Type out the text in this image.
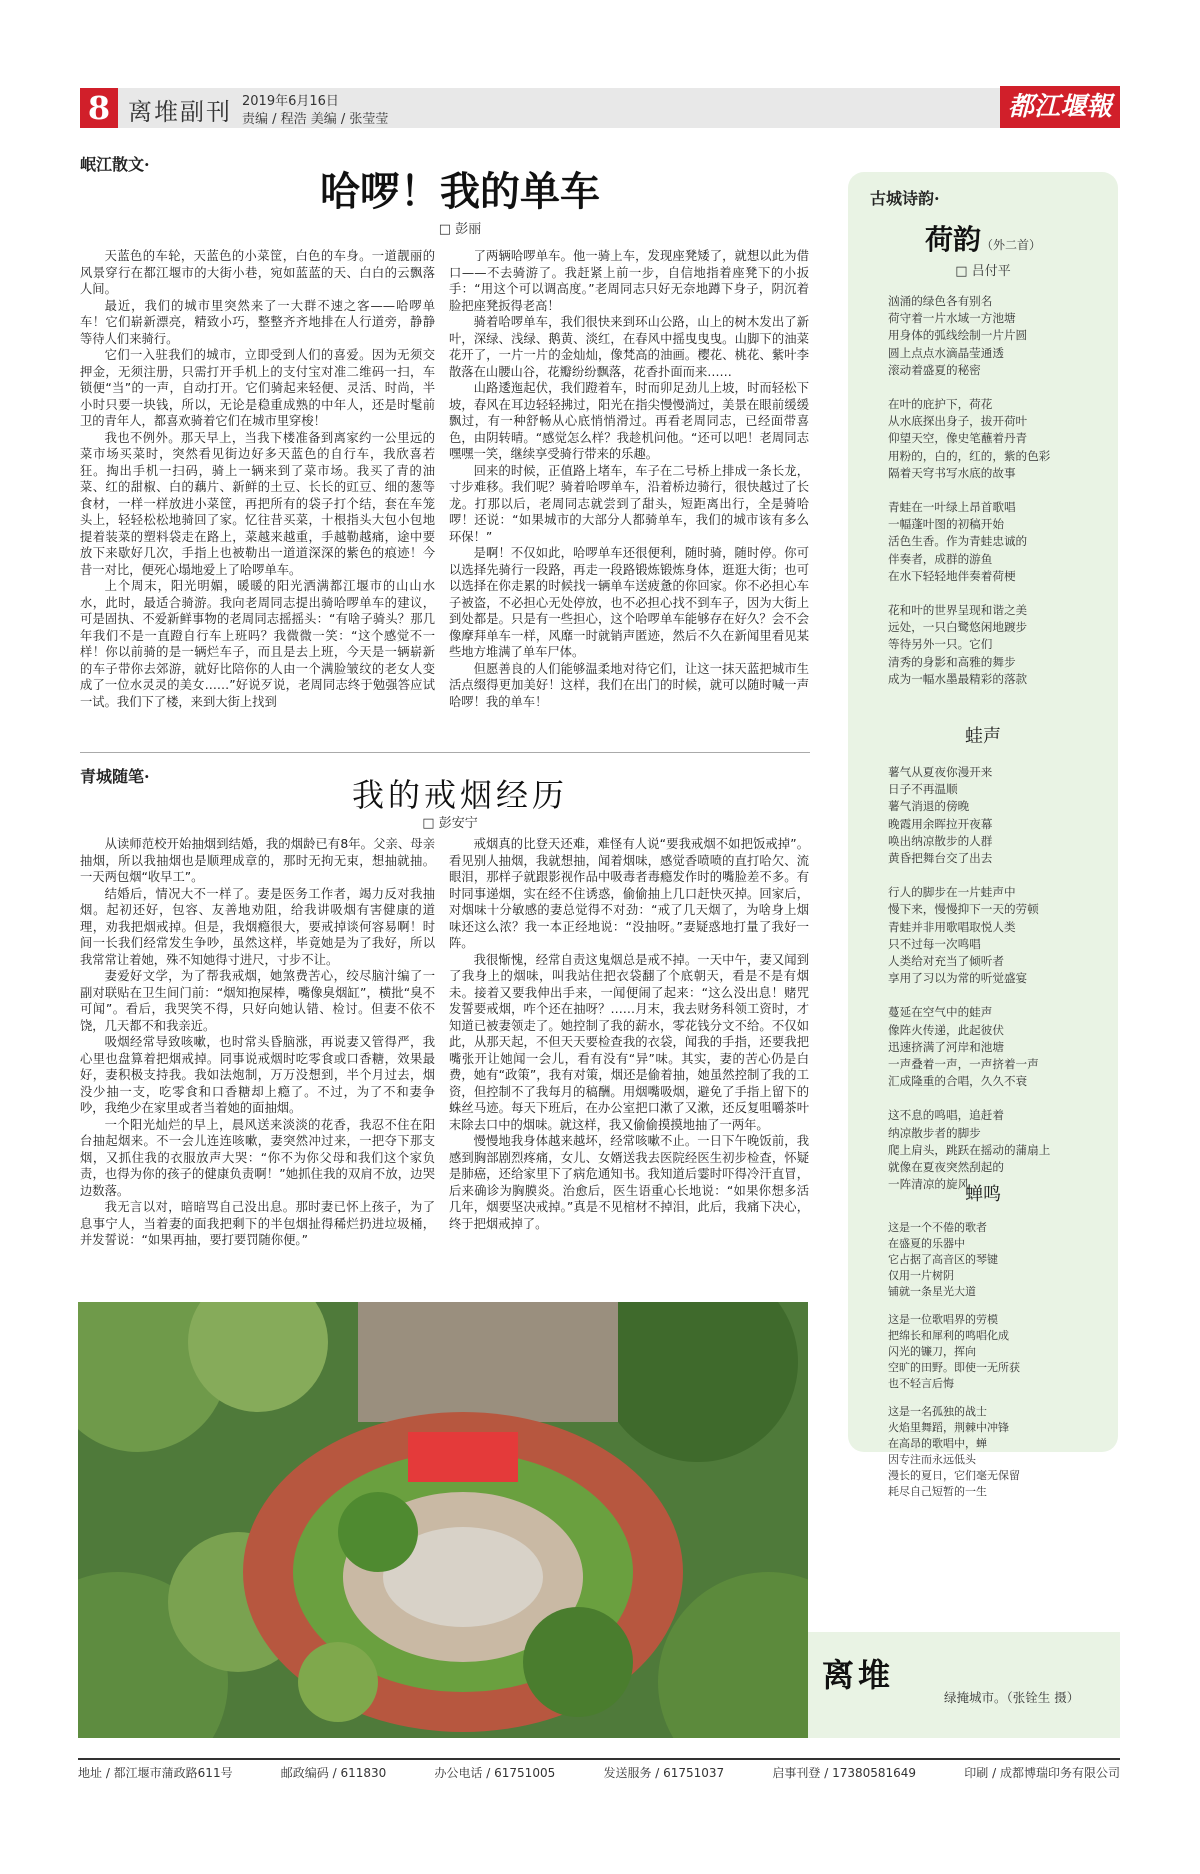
8 离堆副刊 2019年6月16日
责编 / 程浩 美编 / 张莹莹	都江堰報
岷江散文·
哈啰！我的单车
□ 彭丽

天蓝色的车轮，天蓝色的小菜筐，白色的车身。一道靓丽的风景穿行在都江堰市的大街小巷，宛如蓝蓝的天、白白的云飘落人间。

最近，我们的城市里突然来了一大群不速之客——哈啰单车！它们崭新漂亮，精致小巧，整整齐齐地排在人行道旁，静静等待人们来骑行。

它们一入驻我们的城市，立即受到人们的喜爱。因为无须交押金，无须注册，只需打开手机上的支付宝对准二维码一扫，车锁便“当”的一声，自动打开。它们骑起来轻便、灵活、时尚，半小时只要一块钱，所以，无论是稳重成熟的中年人，还是时髦前卫的青年人，都喜欢骑着它们在城市里穿梭！

我也不例外。那天早上，当我下楼准备到离家约一公里远的菜市场买菜时，突然看见街边好多天蓝色的自行车，我欣喜若狂。掏出手机一扫码，骑上一辆来到了菜市场。我买了青的油菜、红的甜椒、白的藕片、新鲜的土豆、长长的豇豆、细的葱等食材，一样一样放进小菜筐，再把所有的袋子打个结，套在车笼头上，轻轻松松地骑回了家。忆往昔买菜，十根指头大包小包地提着装菜的塑料袋走在路上，菜越来越重，手越勒越痛，途中要放下来歇好几次，手指上也被勒出一道道深深的紫色的痕迹！今昔一对比，便死心塌地爱上了哈啰单车。

上个周末，阳光明媚，暖暖的阳光洒满都江堰市的山山水水，此时，最适合骑游。我向老周同志提出骑哈啰单车的建议，可是固执、不爱新鲜事物的老周同志摇摇头：“有啥子骑头？那几年我们不是一直蹬自行车上班吗？我微微一笑：“这个感觉不一样！你以前骑的是一辆烂车子，而且是去上班，今天是一辆崭新的车子带你去郊游，就好比陪你的人由一个满脸皱纹的老女人变成了一位水灵灵的美女……”好说歹说，老周同志终于勉强答应试一试。我们下了楼，来到大街上找到

了两辆哈啰单车。他一骑上车，发现座凳矮了，就想以此为借口——不去骑游了。我赶紧上前一步，自信地指着座凳下的小扳手：“用这个可以调高度。”老周同志只好无奈地蹲下身子，阴沉着脸把座凳扳得老高！

骑着哈啰单车，我们很快来到环山公路，山上的树木发出了新叶，深绿、浅绿、鹅黄、淡红，在春风中摇曳曳曳。山脚下的油菜花开了，一片一片的金灿灿，像梵高的油画。樱花、桃花、紫叶李散落在山腰山谷，花瓣纷纷飘落，花香扑面而来……

山路逶迤起伏，我们蹬着车，时而卯足劲儿上坡，时而轻松下坡，春风在耳边轻轻拂过，阳光在指尖慢慢淌过，美景在眼前缓缓飘过，有一种舒畅从心底悄悄滑过。再看老周同志，已经面带喜色，由阴转晴。“感觉怎么样？我趁机问他。“还可以吧！老周同志嘿嘿一笑，继续享受骑行带来的乐趣。

回来的时候，正值路上堵车，车子在二号桥上排成一条长龙，寸步难移。我们呢？骑着哈啰单车，沿着桥边骑行，很快越过了长龙。打那以后，老周同志就尝到了甜头，短距离出行，全是骑哈啰！还说：“如果城市的大部分人都骑单车，我们的城市该有多么环保！”

是啊！不仅如此，哈啰单车还很便利，随时骑，随时停。你可以选择先骑行一段路，再走一段路锻炼锻炼身体，逛逛大街；也可以选择在你走累的时候找一辆单车送疲惫的你回家。你不必担心车子被盗，不必担心无处停放，也不必担心找不到车子，因为大街上到处都是。只是有一些担心，这个哈啰单车能够存在好久？会不会像摩拜单车一样，风靡一时就销声匿迹，然后不久在新闻里看见某些地方堆满了单车尸体。

但愿善良的人们能够温柔地对待它们，让这一抹天蓝把城市生活点缀得更加美好！这样，我们在出门的时候，就可以随时喊一声 哈啰！我的单车！

青城随笔·	我的戒烟经历
□ 彭安宁

从读师范校开始抽烟到结婚，我的烟龄已有8年。父亲、母亲抽烟，所以我抽烟也是顺理成章的，那时无拘无束，想抽就抽。一天两包烟“收早工”。

结婚后，情况大不一样了。妻是医务工作者，竭力反对我抽烟。起初还好，包容、友善地劝阻，给我讲吸烟有害健康的道理，劝我把烟戒掉。但是，我烟瘾很大，要戒掉谈何容易啊！时间一长我们经常发生争吵，虽然这样，毕竟她是为了我好，所以我常常让着她，殊不知她得寸进尺，寸步不让。

妻爱好文学，为了帮我戒烟，她煞费苦心，绞尽脑汁编了一副对联贴在卫生间门前：“烟知抱屎棒，嘴像臭烟缸”，横批“臭不可闻”。看后，我哭笑不得，只好向她认错、检讨。但妻不依不饶，几天都不和我亲近。

吸烟经常导致咳嗽，也时常头昏脑涨，再说妻又管得严，我心里也盘算着把烟戒掉。同事说戒烟时吃零食或口香糖，效果最好，妻积极支持我。我如法炮制，万万没想到，半个月过去，烟没少抽一支，吃零食和口香糖却上瘾了。不过，为了不和妻争吵，我绝少在家里或者当着她的面抽烟。

一个阳光灿烂的早上，晨风送来淡淡的花香，我忍不住在阳台抽起烟来。不一会儿连连咳嗽，妻突然冲过来，一把夺下那支烟，又抓住我的衣服放声大哭：“你不为你父母和我们这个家负责，也得为你的孩子的健康负责啊！”她抓住我的双肩不放，边哭边数落。

我无言以对，暗暗骂自己没出息。那时妻已怀上孩子，为了息事宁人，当着妻的面我把剩下的半包烟扯得稀烂扔进垃圾桶，并发誓说：“如果再抽，要打要罚随你便。”

戒烟真的比登天还难，难怪有人说“要我戒烟不如把饭戒掉”。看见别人抽烟，我就想抽，闻着烟味，感觉香喷喷的直打哈欠、流眼泪，那样子就跟影视作品中吸毒者毒瘾发作时的嘴脸差不多。有时同事递烟，实在经不住诱惑，偷偷抽上几口赶快灭掉。回家后，对烟味十分敏感的妻总觉得不对劲：“戒了几天烟了，为啥身上烟味还这么浓？我一本正经地说：“没抽呀。”妻疑惑地打量了我好一阵。

我很惭愧，经常自责这鬼烟总是戒不掉。一天中午，妻又闻到了我身上的烟味，叫我站住把衣袋翻了个底朝天，看是不是有烟未。接着又要我伸出手来，一闻便闹了起来：“这么没出息！赌咒发誓要戒烟，咋个还在抽呀？……月末，我去财务科领工资时，才知道已被妻领走了。她控制了我的薪水，零花钱分文不给。不仅如此，从那天起，不但天天要检查我的衣袋，闻我的手指，还要我把嘴张开让她闻一会儿，看有没有“异”味。其实，妻的苦心仍是白费，她有“政策”，我有对策，烟还是偷着抽，她虽然控制了我的工资，但控制不了我每月的稿酬。用烟嘴吸烟，避免了手指上留下的蛛丝马迹。每天下班后，在办公室把口漱了又漱，还反复咀嚼茶叶末除去口中的烟味。就这样，我又偷偷摸摸地抽了一两年。

慢慢地我身体越来越坏，经常咳嗽不止。一日下午晚饭前，我感到胸部剧烈疼痛，女儿、女婿送我去医院经医生初步检查，怀疑是肺癌，还给家里下了病危通知书。我知道后霎时吓得冷汗直冒，后来确诊为胸膜炎。治愈后，医生语重心长地说：“如果你想多活几年，烟要坚决戒掉。”真是不见棺材不掉泪，此后，我痛下决心，终于把烟戒掉了。

古城诗韵·
荷韵（外二首）
□ 吕付平

汹涌的绿色各有别名
荷守着一片水域一方池塘
用身体的弧线绘制一片片圆
圆上点点水滴晶莹通透
滚动着盛夏的秘密

在叶的庇护下，荷花
从水底探出身子，拔开荷叶
仰望天空，像史笔蘸着丹青
用粉的，白的，红的，紫的色彩
隔着天穹书写水底的故事

青蛙在一叶绿上昂首歌唱
一幅蓬叶图的初稿开始
活色生香。作为青蛙忠诚的
伴奏者，成群的游鱼
在水下轻轻地伴奏着荷梗

花和叶的世界呈现和谐之美
远处，一只白鹭悠闲地踱步
等待另外一只。它们
清秀的身影和高雅的舞步
成为一幅水墨最精彩的落款

蛙声

薯气从夏夜你漫开来
日子不再温顺
薯气消退的傍晚
晚霞用余晖拉开夜幕
唤出纳凉散步的人群
黄昏把舞台交了出去

行人的脚步在一片蛙声中
慢下来，慢慢抑下一天的劳顿
青蛙并非用歌唱取悦人类
只不过每一次鸣唱
人类给对充当了倾听者
享用了习以为常的听觉盛宴

蔓延在空气中的蛙声
像阵火传递，此起彼伏
迅速挤满了河岸和池塘
一声叠着一声，一声挤着一声
汇成隆重的合唱，久久不衰

这不息的鸣唱，追赶着
纳凉散步者的脚步
爬上肩头，跳跃在摇动的蒲扇上
就像在夏夜突然刮起的
一阵清凉的旋风

蝉鸣

这是一个不倦的歌者
在盛夏的乐器中
它占据了高音区的琴键
仅用一片树阴
铺就一条星光大道

这是一位歌唱界的劳模
把绵长和犀利的鸣唱化成
闪光的镰刀，挥向
空旷的田野。即使一无所获
也不轻言后悔

这是一名孤独的战士
火焰里舞蹈，荆棘中冲锋
在高昂的歌唱中，蝉
因专注而永远低头
漫长的夏日，它们毫无保留
耗尽自己短暂的一生

离堆
绿掩城市。（张铨生 摄）
地址 / 都江堰市蒲政路611号	邮政编码 / 611830	办公电话 / 61751005	发送服务 / 61751037	启事刊登 / 17380581649	印刷 / 成都博瑞印务有限公司
